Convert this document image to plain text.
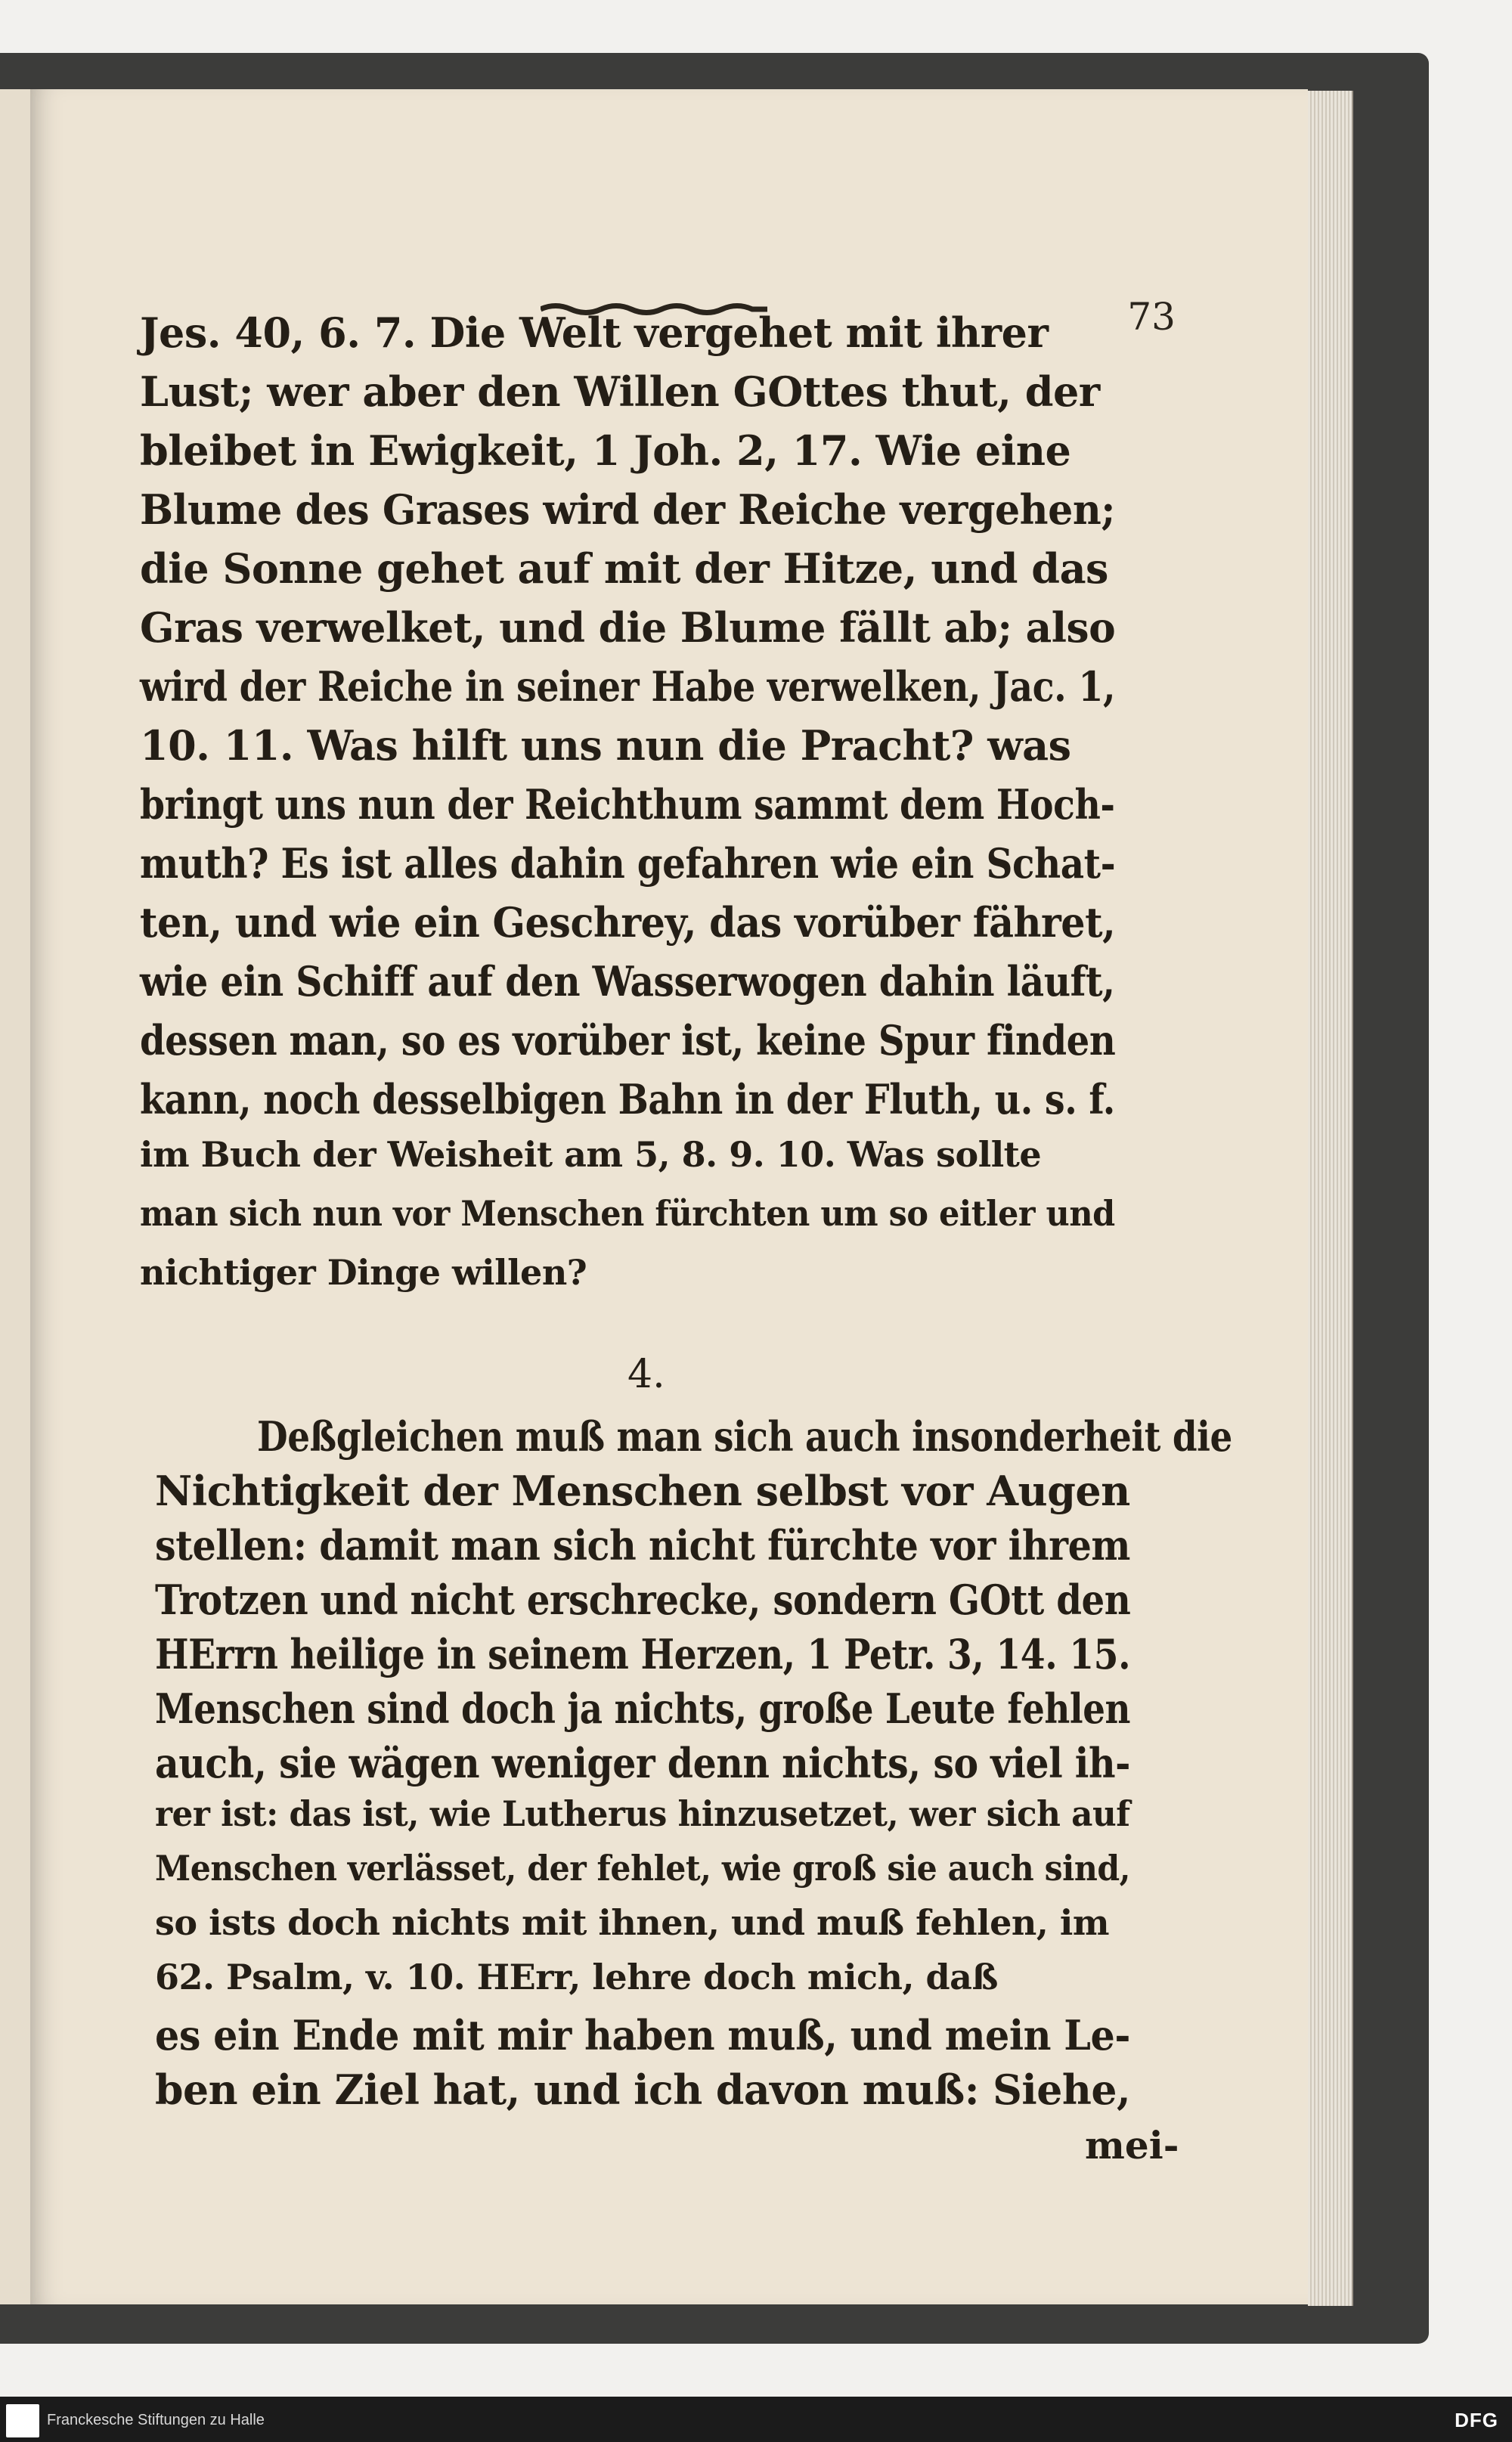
73
Jes. 40, 6. 7. Die Welt vergehet mit ihrer
Lust; wer aber den Willen GOttes thut, der
bleibet in Ewigkeit, 1 Joh. 2, 17. Wie eine
Blume des Grases wird der Reiche vergehen;
die Sonne gehet auf mit der Hitze, und das
Gras verwelket, und die Blume fällt ab; also
wird der Reiche in seiner Habe verwelken, Jac. 1,
10. 11. Was hilft uns nun die Pracht? was
bringt uns nun der Reichthum sammt dem Hoch-
muth? Es ist alles dahin gefahren wie ein Schat-
ten, und wie ein Geschrey, das vorüber fähret,
wie ein Schiff auf den Wasserwogen dahin läuft,
dessen man, so es vorüber ist, keine Spur finden
kann, noch desselbigen Bahn in der Fluth, u. s. f.
im Buch der Weisheit am 5, 8. 9. 10. Was sollte
man sich nun vor Menschen fürchten um so eitler und
nichtiger Dinge willen?
4.
Deßgleichen muß man sich auch insonderheit die
Nichtigkeit der Menschen selbst vor Augen
stellen: damit man sich nicht fürchte vor ihrem
Trotzen und nicht erschrecke, sondern GOtt den
HErrn heilige in seinem Herzen, 1 Petr. 3, 14. 15.
Menschen sind doch ja nichts, große Leute fehlen
auch, sie wägen weniger denn nichts, so viel ih-
rer ist: das ist, wie Lutherus hinzusetzet, wer sich auf
Menschen verlässet, der fehlet, wie groß sie auch sind,
so ists doch nichts mit ihnen, und muß fehlen, im
62. Psalm, v. 10. HErr, lehre doch mich, daß
es ein Ende mit mir haben muß, und mein Le-
ben ein Ziel hat, und ich davon muß: Siehe,
mei-
Franckesche Stiftungen zu Halle	DFG
